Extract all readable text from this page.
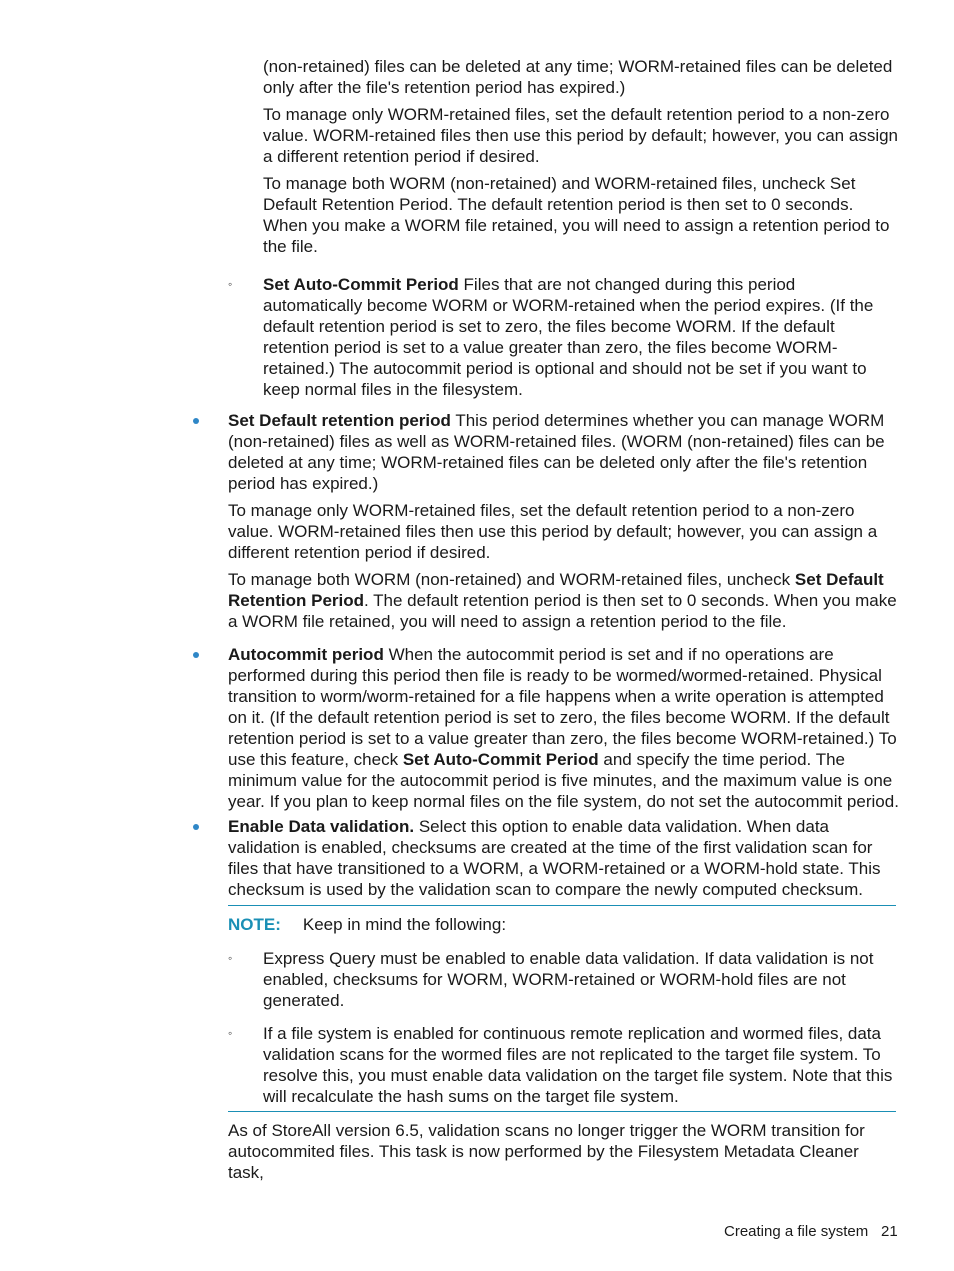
(non-retained) files can be deleted at any time; WORM-retained files can be deleted only after the file's retention period has expired.)

To manage only WORM-retained files, set the default retention period to a non-zero value. WORM-retained files then use this period by default; however, you can assign a different retention period if desired.

To manage both WORM (non-retained) and WORM-retained files, uncheck Set Default Retention Period. The default retention period is then set to 0 seconds. When you make a WORM file retained, you will need to assign a retention period to the file.

◦ Set Auto-Commit Period Files that are not changed during this period automatically become WORM or WORM-retained when the period expires. (If the default retention period is set to zero, the files become WORM. If the default retention period is set to a value greater than zero, the files become WORM-retained.) The autocommit period is optional and should not be set if you want to keep normal files in the filesystem.

Set Default retention period This period determines whether you can manage WORM (non-retained) files as well as WORM-retained files. (WORM (non-retained) files can be deleted at any time; WORM-retained files can be deleted only after the file's retention period has expired.)

To manage only WORM-retained files, set the default retention period to a non-zero value. WORM-retained files then use this period by default; however, you can assign a different retention period if desired.

To manage both WORM (non-retained) and WORM-retained files, uncheck Set Default Retention Period. The default retention period is then set to 0 seconds. When you make a WORM file retained, you will need to assign a retention period to the file.

Autocommit period When the autocommit period is set and if no operations are performed during this period then file is ready to be wormed/wormed-retained. Physical transition to worm/worm-retained for a file happens when a write operation is attempted on it. (If the default retention period is set to zero, the files become WORM. If the default retention period is set to a value greater than zero, the files become WORM-retained.) To use this feature, check Set Auto-Commit Period and specify the time period. The minimum value for the autocommit period is five minutes, and the maximum value is one year. If you plan to keep normal files on the file system, do not set the autocommit period.

Enable Data validation. Select this option to enable data validation. When data validation is enabled, checksums are created at the time of the first validation scan for files that have transitioned to a WORM, a WORM-retained or a WORM-hold state. This checksum is used by the validation scan to compare the newly computed checksum.

NOTE: Keep in mind the following:

◦ Express Query must be enabled to enable data validation. If data validation is not enabled, checksums for WORM, WORM-retained or WORM-hold files are not generated.

◦ If a file system is enabled for continuous remote replication and wormed files, data validation scans for the wormed files are not replicated to the target file system. To resolve this, you must enable data validation on the target file system. Note that this will recalculate the hash sums on the target file system.

As of StoreAll version 6.5, validation scans no longer trigger the WORM transition for autocommited files. This task is now performed by the Filesystem Metadata Cleaner task,

Creating a file system 21
